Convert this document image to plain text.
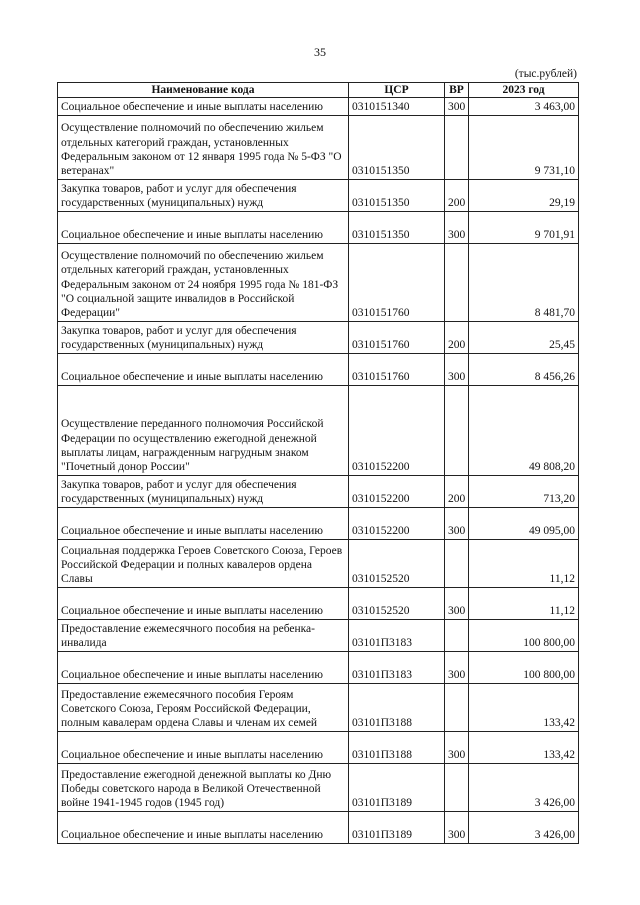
35
(тыс.рублей)
Наименование кода	ЦСР	ВР	2023 год
Социальное обеспечение и иные выплаты населению	0310151340	300	3 463,00
Осуществление полномочий по обеспечению жильем отдельных категорий граждан, установленных Федеральным законом от 12 января 1995 года № 5-ФЗ "О ветеранах"	0310151350		9 731,10
Закупка товаров, работ и услуг для обеспечения государственных (муниципальных) нужд	0310151350	200	29,19
Социальное обеспечение и иные выплаты населению	0310151350	300	9 701,91
Осуществление полномочий по обеспечению жильем отдельных категорий граждан, установленных Федеральным законом от 24 ноября 1995 года № 181-ФЗ "О социальной защите инвалидов в Российской Федерации"	0310151760		8 481,70
Закупка товаров, работ и услуг для обеспечения государственных (муниципальных) нужд	0310151760	200	25,45
Социальное обеспечение и иные выплаты населению	0310151760	300	8 456,26
Осуществление переданного полномочия Российской Федерации по осуществлению ежегодной денежной выплаты лицам, награжденным нагрудным знаком "Почетный донор России"	0310152200		49 808,20
Закупка товаров, работ и услуг для обеспечения государственных (муниципальных) нужд	0310152200	200	713,20
Социальное обеспечение и иные выплаты населению	0310152200	300	49 095,00
Социальная поддержка Героев Советского Союза, Героев Российской Федерации и полных кавалеров ордена Славы	0310152520		11,12
Социальное обеспечение и иные выплаты населению	0310152520	300	11,12
Предоставление ежемесячного пособия на ребенка-инвалида	03101П3183		100 800,00
Социальное обеспечение и иные выплаты населению	03101П3183	300	100 800,00
Предоставление ежемесячного пособия Героям Советского Союза, Героям Российской Федерации, полным кавалерам ордена Славы и членам их семей	03101П3188		133,42
Социальное обеспечение и иные выплаты населению	03101П3188	300	133,42
Предоставление ежегодной денежной выплаты ко Дню Победы советского народа в Великой Отечественной войне 1941-1945 годов (1945 год)	03101П3189		3 426,00
Социальное обеспечение и иные выплаты населению	03101П3189	300	3 426,00
